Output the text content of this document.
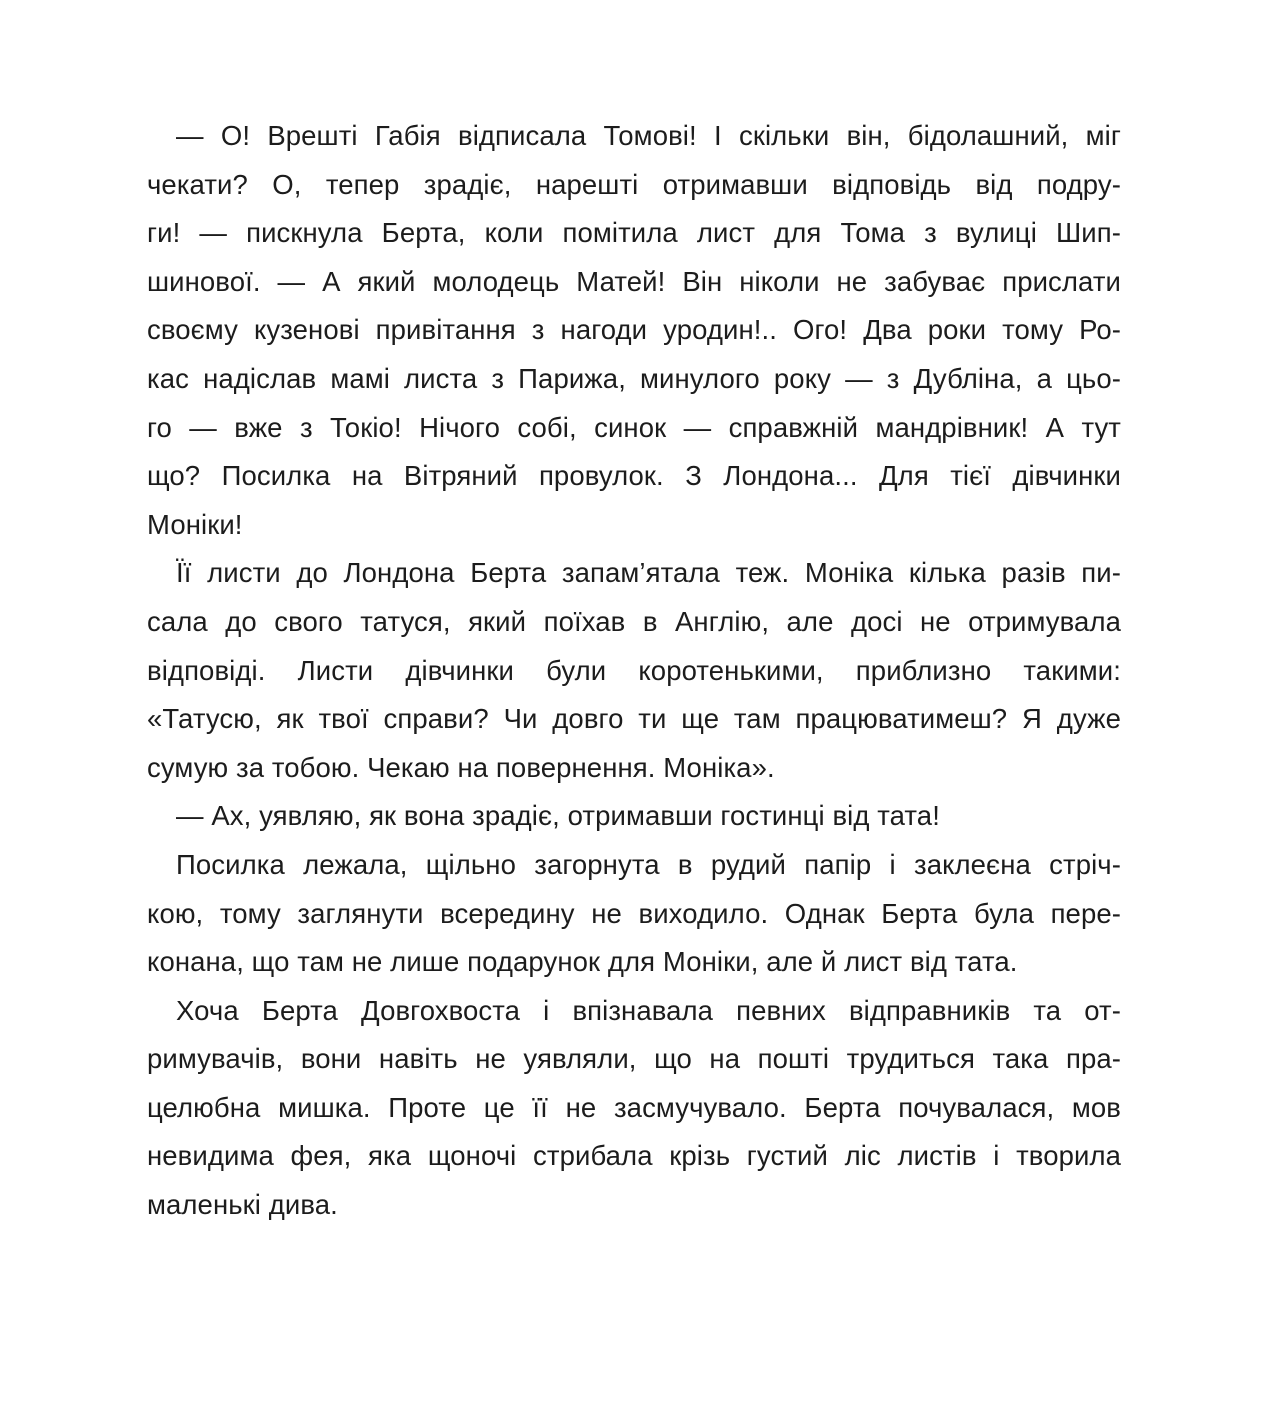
— О! Врешті Габія відписала Томові! І скільки він, бідолашний, міг
чекати? О, тепер зрадіє, нарешті отримавши відповідь від подру-
ги! — пискнула Берта, коли помітила лист для Тома з вулиці Шип-
шинової. — А який молодець Матей! Він ніколи не забуває прислати
своєму кузенові привітання з нагоди уродин!.. Ого! Два роки тому Ро-
кас надіслав мамі листа з Парижа, минулого року — з Дубліна, а цьо-
го — вже з Токіо! Нічого собі, синок — справжній мандрівник! А тут
що? Посилка на Вітряний провулок. З Лондона... Для тієї дівчинки
Моніки!
Її листи до Лондона Берта запам’ятала теж. Моніка кілька разів пи-
сала до свого татуся, який поїхав в Англію, але досі не отримувала
відповіді. Листи дівчинки були коротенькими, приблизно такими:
«Татусю, як твої справи? Чи довго ти ще там працюватимеш? Я дуже
сумую за тобою. Чекаю на повернення. Моніка».
— Ах, уявляю, як вона зрадіє, отримавши гостинці від тата!
Посилка лежала, щільно загорнута в рудий папір і заклеєна стріч-
кою, тому заглянути всередину не виходило. Однак Берта була пере-
конана, що там не лише подарунок для Моніки, але й лист від тата.
Хоча Берта Довгохвоста і впізнавала певних відправників та от-
римувачів, вони навіть не уявляли, що на пошті трудиться така пра-
целюбна мишка. Проте це її не засмучувало. Берта почувалася, мов
невидима фея, яка щоночі стрибала крізь густий ліс листів і творила
маленькі дива.
